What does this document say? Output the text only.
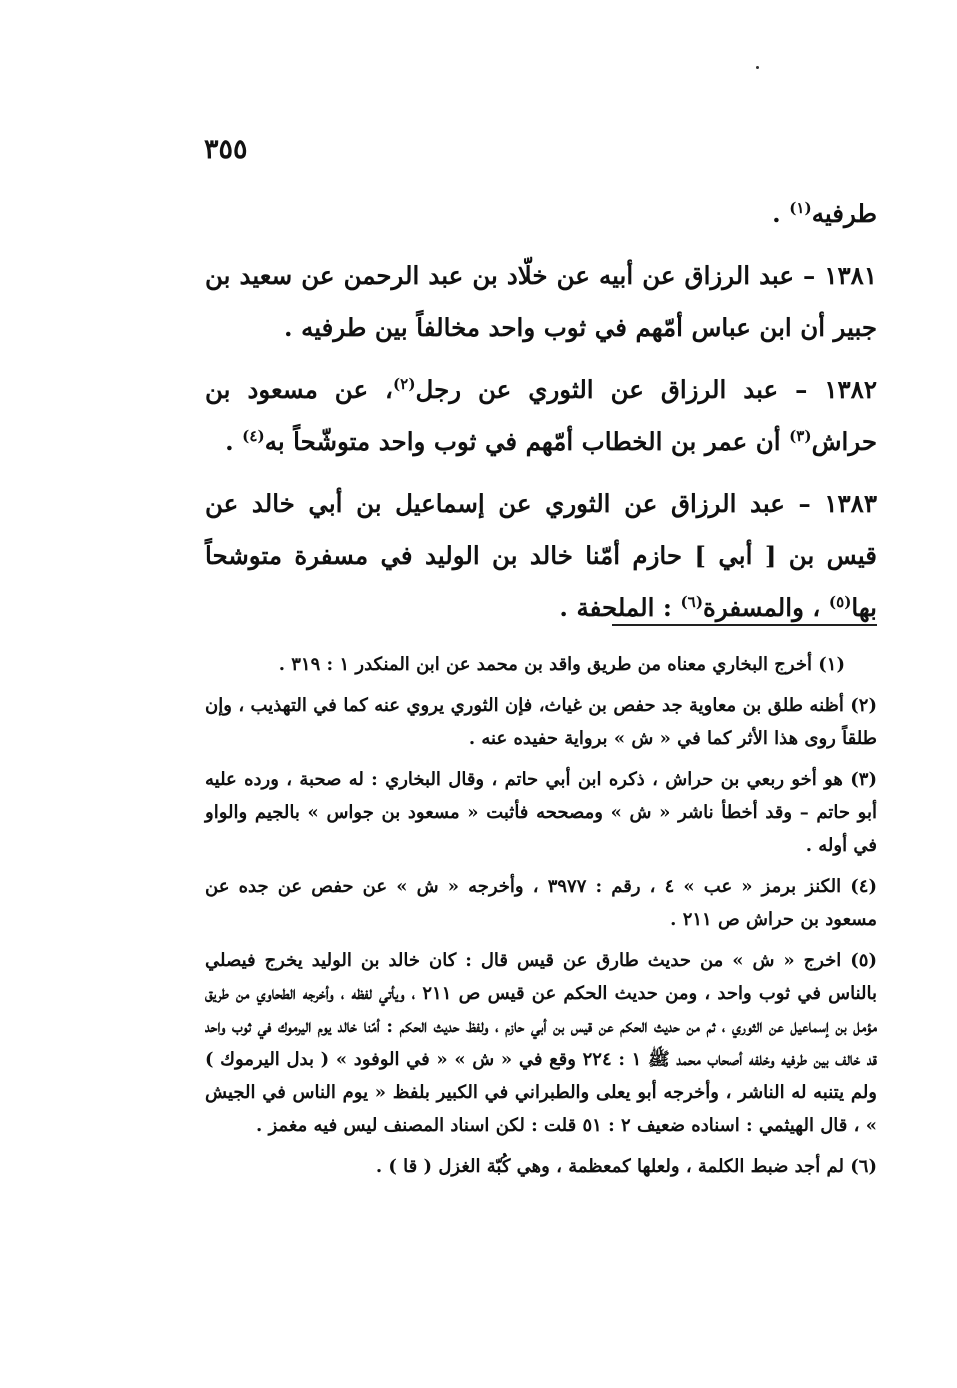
٣٥٥

طرفيه$^{(١)}$ .

١٣٨١ – عبد الرزاق عن أبيه عن خلّاد بن عبد الرحمن عن سعيد بن جبير أن ابن عباس أمّهم في ثوب واحد مخالفاً بين طرفيه .

١٣٨٢ – عبد الرزاق عن الثوري عن رجل$^{(٢)}$، عن مسعود بن حراش$^{(٣)}$ أن عمر بن الخطاب أمّهم في ثوب واحد متوشّحاً به$^{(٤)}$ .

١٣٨٣ – عبد الرزاق عن الثوري عن إسماعيل بن أبي خالد عن قيس بن [ أبي ] حازم أمّنا خالد بن الوليد في مسفرة متوشحاً بها$^{(٥)}$ ، والمسفرة$^{(٦)}$ : الملحفة .

(١) أخرج البخاري معناه من طريق واقد بن محمد عن ابن المنكدر ١ : ٣١٩ .

(٢) أظنه طلق بن معاوية جد حفص بن غياث، فإن الثوري يروي عنه كما في التهذيب ، وإن طلقاً روى هذا الأثر كما في « ش » برواية حفيده عنه .

(٣) هو أخو ربعي بن حراش ، ذكره ابن أبي حاتم ، وقال البخاري : له صحبة ، ورده عليه أبو حاتم – وقد أخطأ ناشر « ش » ومصححه فأثبت « مسعود بن جواس » بالجيم والواو في أوله .

(٤) الكنز برمز « عب » ٤ ، رقم : ٣٩٧٧ ، وأخرجه « ش » عن حفص عن جده عن مسعود بن حراش ص ٢١١ .

(٥) اخرج « ش » من حديث طارق عن قيس قال : كان خالد بن الوليد يخرج فيصلي بالناس في ثوب واحد ، ومن حديث الحكم عن قيس ص ٢١١ ، ويأتي لفظه ، وأخرجه الطحاوي من طريق مؤمل بن إسماعيل عن الثوري ، ثم من حديث الحكم عن قيس بن أبي حازم ، ولفظ حديث الحكم : أمّنا خالد يوم اليرموك في ثوب واحد قد خالف بين طرفيه وخلفه أصحاب محمد ﷺ ١ : ٢٢٤ وقع في « ش » « في الوفود » ( بدل اليرموك ) ولم يتنبه له الناشر ، وأخرجه أبو يعلى والطبراني في الكبير بلفظ « يوم الناس في الجيش » ، قال الهيثمي : اسناده ضعيف ٢ : ٥١ قلت : لكن اسناد المصنف ليس فيه مغمز .

(٦) لم أجد ضبط الكلمة ، ولعلها كمعظمة ، وهي كُبّة الغزل ( قا ) .
